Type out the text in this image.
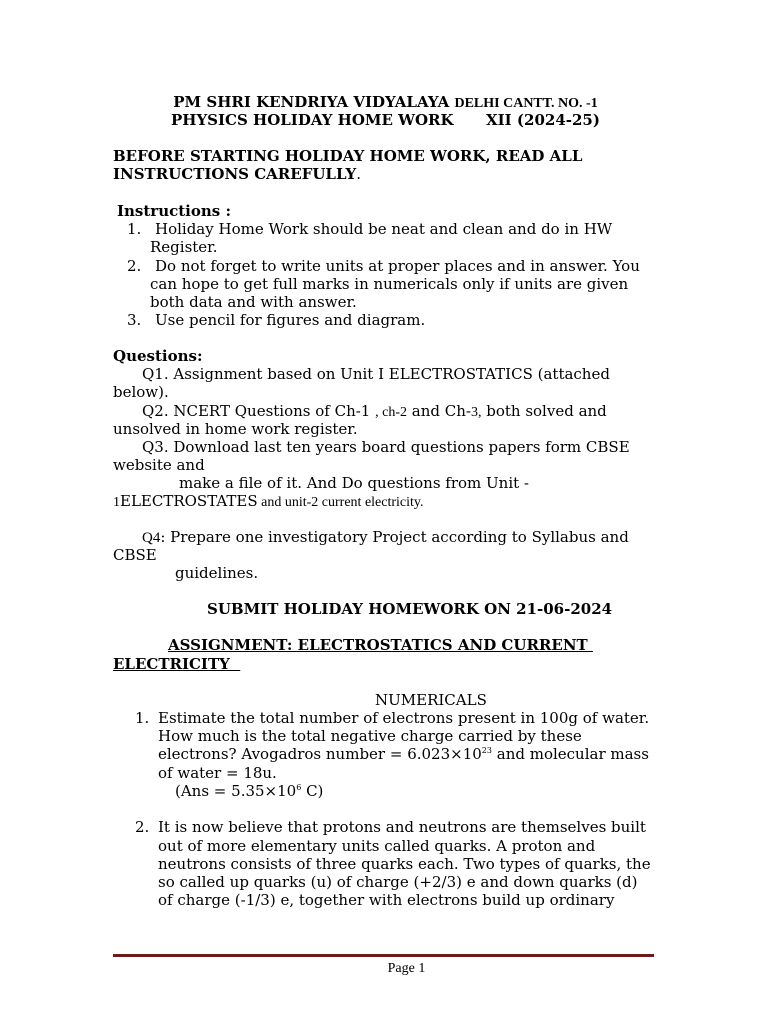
PM SHRI KENDRIYA VIDYALAYA DELHI CANTT. NO. -1
PHYSICS HOLIDAY HOME WORK XII (2024-25)
BEFORE STARTING HOLIDAY HOME WORK, READ ALL
INSTRUCTIONS CAREFULLY.
Instructions :
1. Holiday Home Work should be neat and clean and do in HW
Register.
2. Do not forget to write units at proper places and in answer. You
can hope to get full marks in numericals only if units are given
both data and with answer.
3. Use pencil for figures and diagram.
Questions:
Q1. Assignment based on Unit I ELECTROSTATICS (attached
below).
Q2. NCERT Questions of Ch-1 , ch-2 and Ch-3, both solved and
unsolved in home work register.
Q3. Download last ten years board questions papers form CBSE
website and
make a file of it. And Do questions from Unit -
1ELECTROSTATES and unit-2 current electricity.
Q4: Prepare one investigatory Project according to Syllabus and
CBSE
guidelines.
SUBMIT HOLIDAY HOMEWORK ON 21-06-2024
ASSIGNMENT: ELECTROSTATICS AND CURRENT
ELECTRICITY
NUMERICALS
1. Estimate the total number of electrons present in 100g of water.
How much is the total negative charge carried by these
electrons? Avogadros number = $6.023\times 10^{23}$ and molecular mass
of water = 18u.
($Ans = 5.35\times 10^6$ C)
2. It is now believe that protons and neutrons are themselves built
out of more elementary units called quarks. A proton and
neutrons consists of three quarks each. Two types of quarks, the
so called up quarks (u) of charge (+2/3) e and down quarks (d)
of charge (-1/3) e, together with electrons build up ordinary
Page 1
